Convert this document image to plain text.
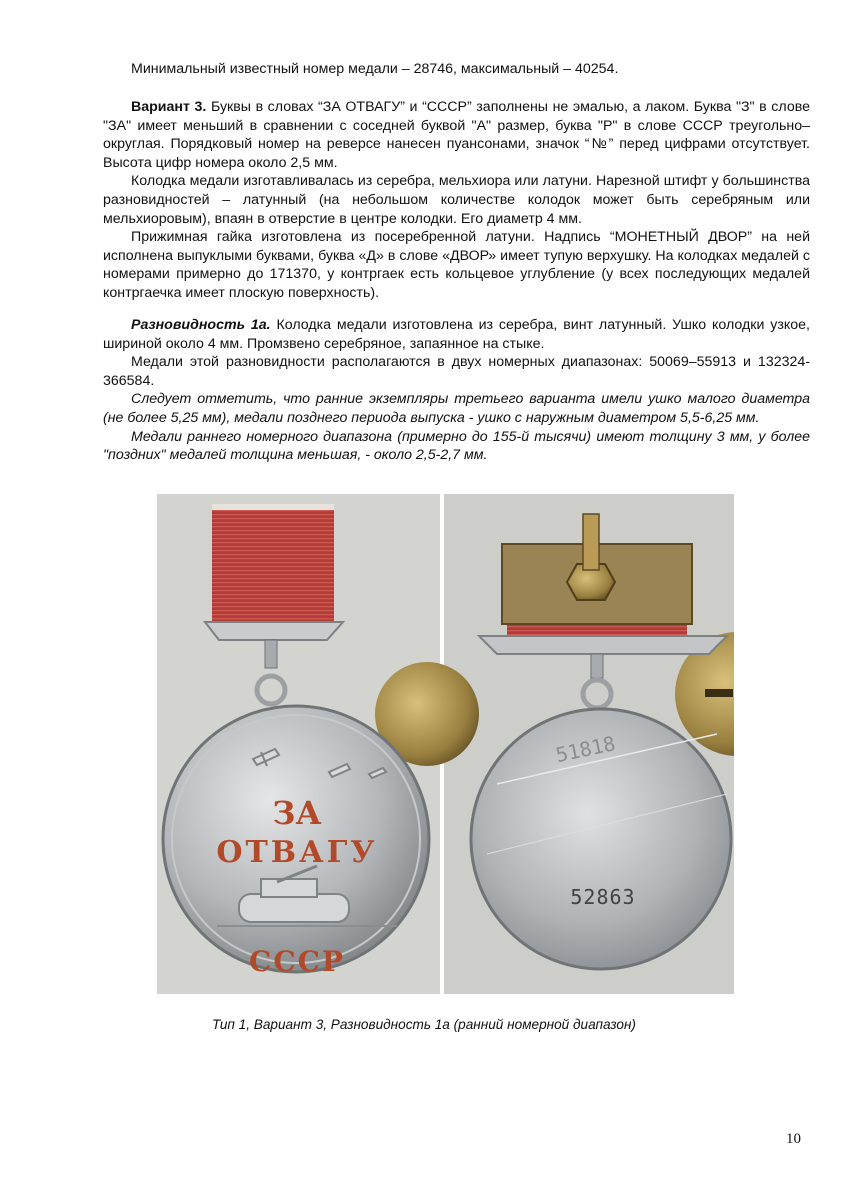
Минимальный известный номер медали – 28746, максимальный – 40254.

Вариант 3. Буквы в словах “ЗА ОТВАГУ” и “СССР” заполнены не эмалью, а лаком. Буква "З" в слове "ЗА" имеет меньший в сравнении с соседней буквой "А" размер, буква "Р" в слове СССР треугольно–округлая. Порядковый номер на реверсе нанесен пуансонами, значок “№” перед цифрами отсутствует. Высота цифр номера около 2,5 мм.

Колодка медали изготавливалась из серебра, мельхиора или латуни. Нарезной штифт у большинства разновидностей – латунный (на небольшом количестве колодок может быть серебряным или мельхиоровым), впаян в отверстие в центре колодки. Его диаметр 4 мм.

Прижимная гайка изготовлена из посеребренной латуни. Надпись “МОНЕТНЫЙ ДВОР” на ней исполнена выпуклыми буквами, буква «Д» в слове «ДВОР» имеет тупую верхушку. На колодках медалей с номерами примерно до 171370, у контргаек есть кольцевое углубление (у всех последующих медалей контргаечка имеет плоскую поверхность).

Разновидность 1а. Колодка медали изготовлена из серебра, винт латунный. Ушко колодки узкое, шириной около 4 мм. Промзвено серебряное, запаянное на стыке.

Медали этой разновидности располагаются в двух номерных диапазонах: 50069–55913 и 132324-366584.

Следует отметить, что ранние экземпляры третьего варианта имели ушко малого диаметра (не более 5,25 мм), медали позднего периода выпуска - ушко с наружным диаметром 5,5-6,25 мм.

Медали раннего номерного диапазона (примерно до 155-й тысячи) имеют толщину 3 мм, у более "поздних" медалей толщина меньшая, - около 2,5-2,7 мм.

ЗА
ОТВАГУ
СССР
51818
52863
Тип 1, Вариант 3, Разновидность 1а (ранний номерной диапазон)
10
